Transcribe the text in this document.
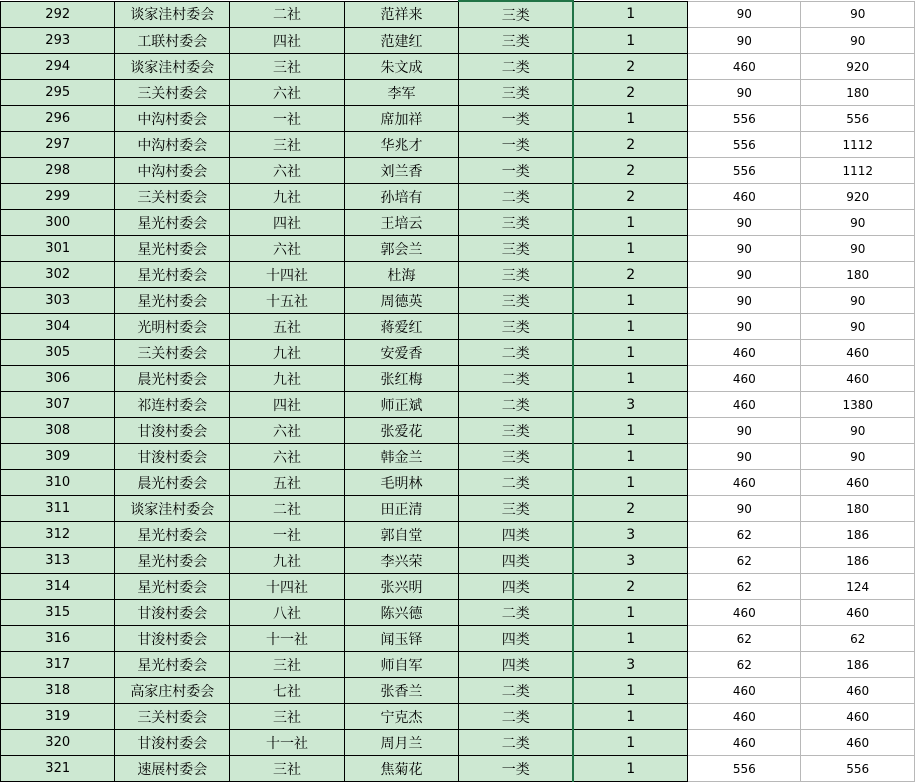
292	谈家洼村委会	二社	范祥来	三类	1	90	90
293	工联村委会	四社	范建红	三类	1	90	90
294	谈家洼村委会	三社	朱文成	二类	2	460	920
295	三关村委会	六社	李军	三类	2	90	180
296	中沟村委会	一社	席加祥	一类	1	556	556
297	中沟村委会	三社	华兆才	一类	2	556	1112
298	中沟村委会	六社	刘兰香	一类	2	556	1112
299	三关村委会	九社	孙培有	二类	2	460	920
300	星光村委会	四社	王培云	三类	1	90	90
301	星光村委会	六社	郭会兰	三类	1	90	90
302	星光村委会	十四社	杜海	三类	2	90	180
303	星光村委会	十五社	周德英	三类	1	90	90
304	光明村委会	五社	蒋爱红	三类	1	90	90
305	三关村委会	九社	安爱香	二类	1	460	460
306	晨光村委会	九社	张红梅	二类	1	460	460
307	祁连村委会	四社	师正斌	二类	3	460	1380
308	甘浚村委会	六社	张爱花	三类	1	90	90
309	甘浚村委会	六社	韩金兰	三类	1	90	90
310	晨光村委会	五社	毛明林	二类	1	460	460
311	谈家洼村委会	二社	田正清	三类	2	90	180
312	星光村委会	一社	郭自堂	四类	3	62	186
313	星光村委会	九社	李兴荣	四类	3	62	186
314	星光村委会	十四社	张兴明	四类	2	62	124
315	甘浚村委会	八社	陈兴德	二类	1	460	460
316	甘浚村委会	十一社	闻玉铎	四类	1	62	62
317	星光村委会	三社	师自军	四类	3	62	186
318	高家庄村委会	七社	张香兰	二类	1	460	460
319	三关村委会	三社	宁克杰	二类	1	460	460
320	甘浚村委会	十一社	周月兰	二类	1	460	460
321	速展村委会	三社	焦菊花	一类	1	556	556
